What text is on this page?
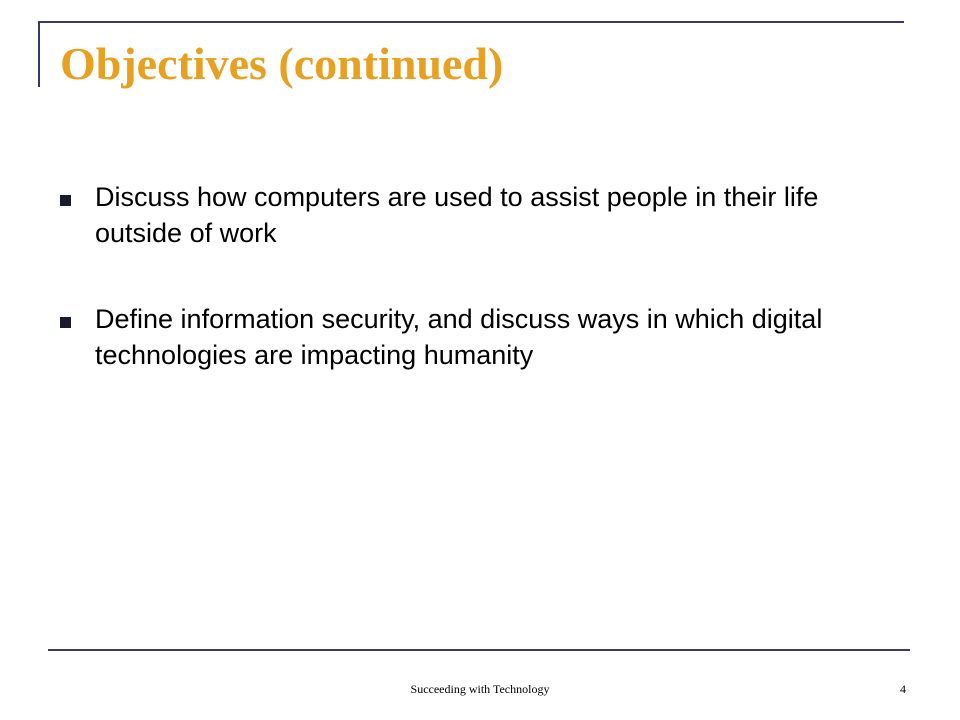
Objectives (continued)
Discuss how computers are used to assist people in their life outside of work
Define information security, and discuss ways in which digital technologies are impacting humanity
Succeeding with Technology	4
